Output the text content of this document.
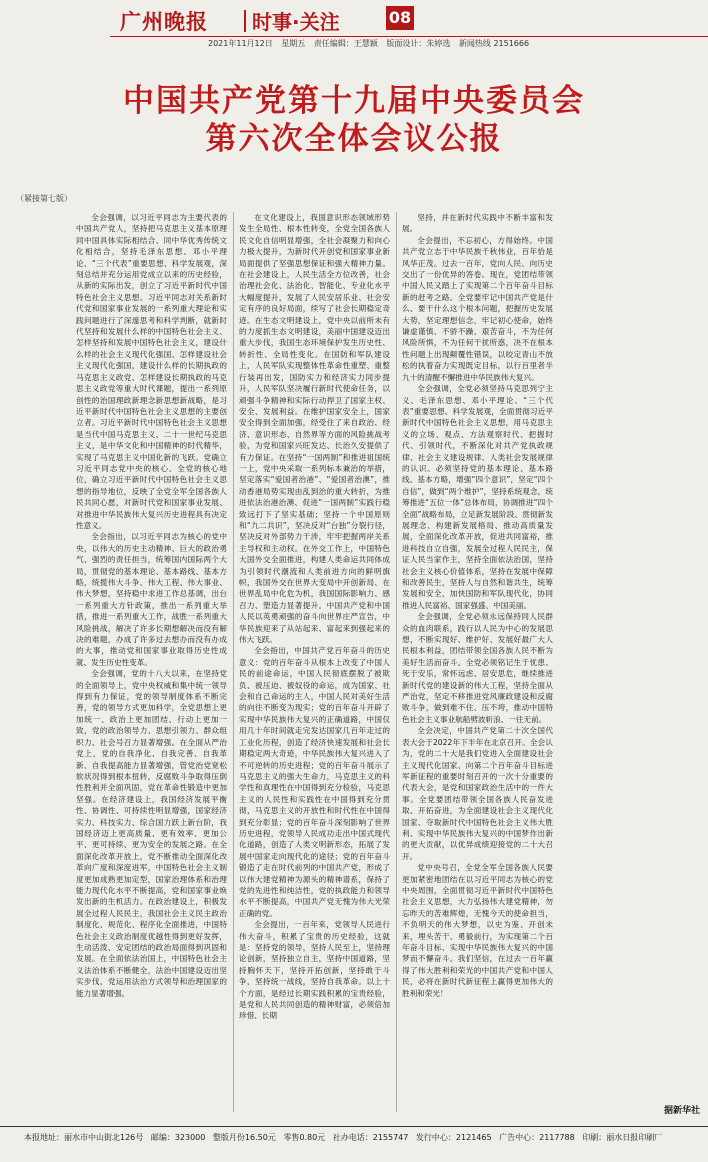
广州晚报 时事·关注	08
2021年11月12日 星期五 责任编辑：王慧颖 版面设计：朱婷选 新闻热线 2151666
中国共产党第十九届中央委员会
第六次全体会议公报
（紧接第七版）

全会强调，以习近平同志为主要代表的中国共产党人，坚持把马克思主义基本原理同中国具体实际相结合、同中华优秀传统文化相结合，坚持毛泽东思想、邓小平理论、“三个代表”重要思想、科学发展观，深刻总结并充分运用党成立以来的历史经验，从新的实际出发，创立了习近平新时代中国特色社会主义思想。习近平同志对关系新时代党和国家事业发展的一系列重大理论和实践问题进行了深邃思考和科学判断，就新时代坚持和发展什么样的中国特色社会主义、怎样坚持和发展中国特色社会主义，建设什么样的社会主义现代化强国、怎样建设社会主义现代化强国，建设什么样的长期执政的马克思主义政党、怎样建设长期执政的马克思主义政党等重大时代课题，提出一系列原创性的治国理政新理念新思想新战略，是习近平新时代中国特色社会主义思想的主要创立者。习近平新时代中国特色社会主义思想是当代中国马克思主义、二十一世纪马克思主义，是中华文化和中国精神的时代精华，实现了马克思主义中国化新的飞跃。党确立习近平同志党中央的核心、全党的核心地位，确立习近平新时代中国特色社会主义思想的指导地位，反映了全党全军全国各族人民共同心愿，对新时代党和国家事业发展、对推进中华民族伟大复兴历史进程具有决定性意义。

全会指出，以习近平同志为核心的党中央，以伟大的历史主动精神、巨大的政治勇气、强烈的责任担当，统筹国内国际两个大局，贯彻党的基本理论、基本路线、基本方略，统揽伟大斗争、伟大工程、伟大事业、伟大梦想，坚持稳中求进工作总基调，出台一系列重大方针政策，推出一系列重大举措，推进一系列重大工作，战胜一系列重大风险挑战，解决了许多长期想解决而没有解决的难题，办成了许多过去想办而没有办成的大事，推动党和国家事业取得历史性成就、发生历史性变革。

全会强调，党的十八大以来，在坚持党的全面领导上，党中央权威和集中统一领导得到有力保证，党的领导制度体系不断完善，党的领导方式更加科学，全党思想上更加统一、政治上更加团结、行动上更加一致，党的政治领导力、思想引领力、群众组织力、社会号召力显著增强。在全面从严治党上，党的自我净化、自我完善、自我革新、自我提高能力显著增强，管党治党宽松软状况得到根本扭转，反腐败斗争取得压倒性胜利并全面巩固，党在革命性锻造中更加坚强。在经济建设上，我国经济发展平衡性、协调性、可持续性明显增强，国家经济实力、科技实力、综合国力跃上新台阶，我国经济迈上更高质量、更有效率、更加公平、更可持续、更为安全的发展之路。在全面深化改革开放上，党不断推动全面深化改革向广度和深度进军，中国特色社会主义制度更加成熟更加定型，国家治理体系和治理能力现代化水平不断提高，党和国家事业焕发出新的生机活力。在政治建设上，积极发展全过程人民民主，我国社会主义民主政治制度化、规范化、程序化全面推进，中国特色社会主义政治制度优越性得到更好发挥，生动活泼、安定团结的政治局面得到巩固和发展。在全面依法治国上，中国特色社会主义法治体系不断健全，法治中国建设迈出坚实步伐，党运用法治方式领导和治理国家的能力显著增强。

在文化建设上，我国意识形态领域形势发生全局性、根本性转变，全党全国各族人民文化自信明显增强，全社会凝聚力和向心力极大提升，为新时代开创党和国家事业新局面提供了坚强思想保证和强大精神力量。在社会建设上，人民生活全方位改善，社会治理社会化、法治化、智能化、专业化水平大幅度提升，发展了人民安居乐业、社会安定有序的良好局面，续写了社会长期稳定奇迹。在生态文明建设上，党中央以前所未有的力度抓生态文明建设，美丽中国建设迈出重大步伐，我国生态环境保护发生历史性、转折性、全局性变化。在国防和军队建设上，人民军队实现整体性革命性重塑、重整行装再出发，国防实力和经济实力同步提升，人民军队坚决履行新时代使命任务，以顽强斗争精神和实际行动捍卫了国家主权、安全、发展利益。在维护国家安全上，国家安全得到全面加强，经受住了来自政治、经济、意识形态、自然界等方面的风险挑战考验，为党和国家兴旺发达、长治久安提供了有力保证。在坚持“一国两制”和推进祖国统一上，党中央采取一系列标本兼治的举措，坚定落实“爱国者治港”、“爱国者治澳”，推动香港局势实现由乱到治的重大转折，为推进依法治港治澳、促进“一国两制”实践行稳致远打下了坚实基础；坚持一个中国原则和“九二共识”，坚决反对“台独”分裂行径，坚决反对外部势力干涉，牢牢把握两岸关系主导权和主动权。在外交工作上，中国特色大国外交全面推进，构建人类命运共同体成为引领时代潮流和人类前进方向的鲜明旗帜，我国外交在世界大变局中开创新局、在世界乱局中化危为机，我国国际影响力、感召力、塑造力显著提升。中国共产党和中国人民以英勇顽强的奋斗向世界庄严宣告，中华民族迎来了从站起来、富起来到强起来的伟大飞跃。

全会指出，中国共产党百年奋斗的历史意义：党的百年奋斗从根本上改变了中国人民的前途命运，中国人民彻底摆脱了被欺负、被压迫、被奴役的命运，成为国家、社会和自己命运的主人，中国人民对美好生活的向往不断变为现实；党的百年奋斗开辟了实现中华民族伟大复兴的正确道路，中国仅用几十年时间就走完发达国家几百年走过的工业化历程，创造了经济快速发展和社会长期稳定两大奇迹，中华民族伟大复兴进入了不可逆转的历史进程；党的百年奋斗展示了马克思主义的强大生命力，马克思主义的科学性和真理性在中国得到充分检验，马克思主义的人民性和实践性在中国得到充分贯彻，马克思主义的开放性和时代性在中国得到充分彰显；党的百年奋斗深刻影响了世界历史进程，党领导人民成功走出中国式现代化道路，创造了人类文明新形态，拓展了发展中国家走向现代化的途径；党的百年奋斗锻造了走在时代前列的中国共产党，形成了以伟大建党精神为源头的精神谱系，保持了党的先进性和纯洁性，党的执政能力和领导水平不断提高，中国共产党无愧为伟大光荣正确的党。

全会提出，一百年来，党领导人民进行伟大奋斗，积累了宝贵的历史经验，这就是：坚持党的领导，坚持人民至上，坚持理论创新，坚持独立自主，坚持中国道路，坚持胸怀天下，坚持开拓创新，坚持敢于斗争，坚持统一战线，坚持自我革命。以上十个方面，是经过长期实践积累的宝贵经验，是党和人民共同创造的精神财富，必须倍加珍惜、长期

坚持，并在新时代实践中不断丰富和发展。

全会提出，不忘初心，方得始终。中国共产党立志于中华民族千秋伟业，百年恰是风华正茂。过去一百年，党向人民、向历史交出了一份优异的答卷。现在，党团结带领中国人民又踏上了实现第二个百年奋斗目标新的赶考之路。全党要牢记中国共产党是什么、要干什么这个根本问题，把握历史发展大势，坚定理想信念，牢记初心使命，始终谦虚谨慎、不骄不躁、艰苦奋斗，不为任何风险所惧，不为任何干扰所惑，决不在根本性问题上出现颠覆性错误，以咬定青山不放松的执着奋力实现既定目标，以行百里者半九十的清醒不懈推进中华民族伟大复兴。

全会强调，全党必须坚持马克思列宁主义、毛泽东思想、邓小平理论、“三个代表”重要思想、科学发展观，全面贯彻习近平新时代中国特色社会主义思想，用马克思主义的立场、观点、方法观察时代、把握时代、引领时代，不断深化对共产党执政规律、社会主义建设规律、人类社会发展规律的认识。必须坚持党的基本理论、基本路线、基本方略，增强“四个意识”，坚定“四个自信”，做到“两个维护”，坚持系统观念，统筹推进“五位一体”总体布局，协调推进“四个全面”战略布局，立足新发展阶段、贯彻新发展理念、构建新发展格局、推动高质量发展，全面深化改革开放，促进共同富裕，推进科技自立自强，发展全过程人民民主，保证人民当家作主，坚持全面依法治国，坚持社会主义核心价值体系，坚持在发展中保障和改善民生，坚持人与自然和谐共生，统筹发展和安全，加快国防和军队现代化，协同推进人民富裕、国家强盛、中国美丽。

全会强调，全党必须永远保持同人民群众的血肉联系，践行以人民为中心的发展思想，不断实现好、维护好、发展好最广大人民根本利益，团结带领全国各族人民不断为美好生活而奋斗。全党必须铭记生于忧患、死于安乐，常怀远虑、居安思危，继续推进新时代党的建设新的伟大工程，坚持全面从严治党，坚定不移推进党风廉政建设和反腐败斗争，做到难不住、压不垮，推动中国特色社会主义事业航船劈波斩浪、一往无前。

全会决定，中国共产党第二十次全国代表大会于2022年下半年在北京召开。全会认为，党的二十大是我们党进入全面建设社会主义现代化国家、向第二个百年奋斗目标进军新征程的重要时刻召开的一次十分重要的代表大会，是党和国家政治生活中的一件大事。全党要团结带领全国各族人民奋发进取、开拓奋进，为全面建设社会主义现代化国家、夺取新时代中国特色社会主义伟大胜利、实现中华民族伟大复兴的中国梦作出新的更大贡献，以优异成绩迎接党的二十大召开。

党中央号召，全党全军全国各族人民要更加紧密地团结在以习近平同志为核心的党中央周围，全面贯彻习近平新时代中国特色社会主义思想，大力弘扬伟大建党精神，勿忘昨天的苦难辉煌，无愧今天的使命担当，不负明天的伟大梦想，以史为鉴、开创未来，埋头苦干、勇毅前行，为实现第二个百年奋斗目标、实现中华民族伟大复兴的中国梦而不懈奋斗。我们坚信，在过去一百年赢得了伟大胜利和荣光的中国共产党和中国人民，必将在新时代新征程上赢得更加伟大的胜利和荣光！

据新华社
本报地址：丽水市中山街北126号 邮编：323000 整版月份16.50元 零售0.80元 社办电话：2155747 发行中心：2121465 广告中心：2117788 印刷：丽水日报印刷厂
